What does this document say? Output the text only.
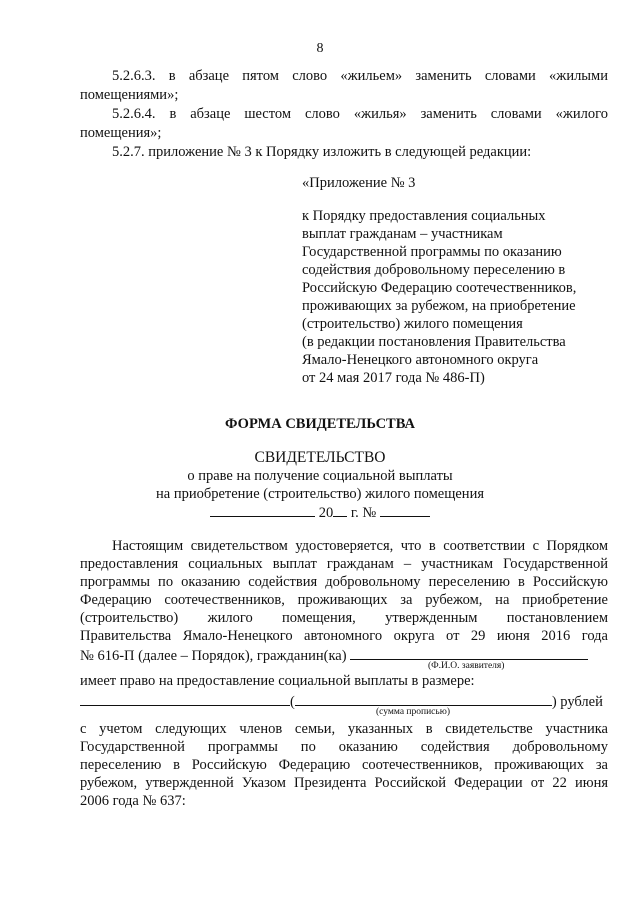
8
5.2.6.3. в абзаце пятом слово «жильем» заменить словами «жилыми
помещениями»;
5.2.6.4. в абзаце шестом слово «жилья» заменить словами «жилого
помещения»;
5.2.7. приложение № 3 к Порядку изложить в следующей редакции:
«Приложение № 3
к Порядку предоставления социальных
выплат гражданам – участникам
Государственной программы по оказанию
содействия добровольному переселению в
Российскую Федерацию соотечественников,
проживающих за рубежом, на приобретение
(строительство) жилого помещения
(в редакции постановления Правительства
Ямало-Ненецкого автономного округа
от 24 мая 2017 года № 486-П)
ФОРМА СВИДЕТЕЛЬСТВА
СВИДЕТЕЛЬСТВО
о праве на получение социальной выплаты
на приобретение (строительство) жилого помещения
20 г. №
Настоящим свидетельством удостоверяется, что в соответствии с Порядком
предоставления социальных выплат гражданам – участникам Государственной
программы по оказанию содействия добровольному переселению в Российскую
Федерацию соотечественников, проживающих за рубежом, на приобретение
(строительство) жилого помещения, утвержденным постановлением
Правительства Ямало-Ненецкого автономного округа от 29 июня 2016 года
№ 616-П (далее – Порядок), гражданин(ка)
(Ф.И.О. заявителя)
имеет право на предоставление социальной выплаты в размере:
(	) рублей
(сумма прописью)
с учетом следующих членов семьи, указанных в свидетельстве участника
Государственной программы по оказанию содействия добровольному
переселению в Российскую Федерацию соотечественников, проживающих за
рубежом, утвержденной Указом Президента Российской Федерации от 22 июня
2006 года № 637:
